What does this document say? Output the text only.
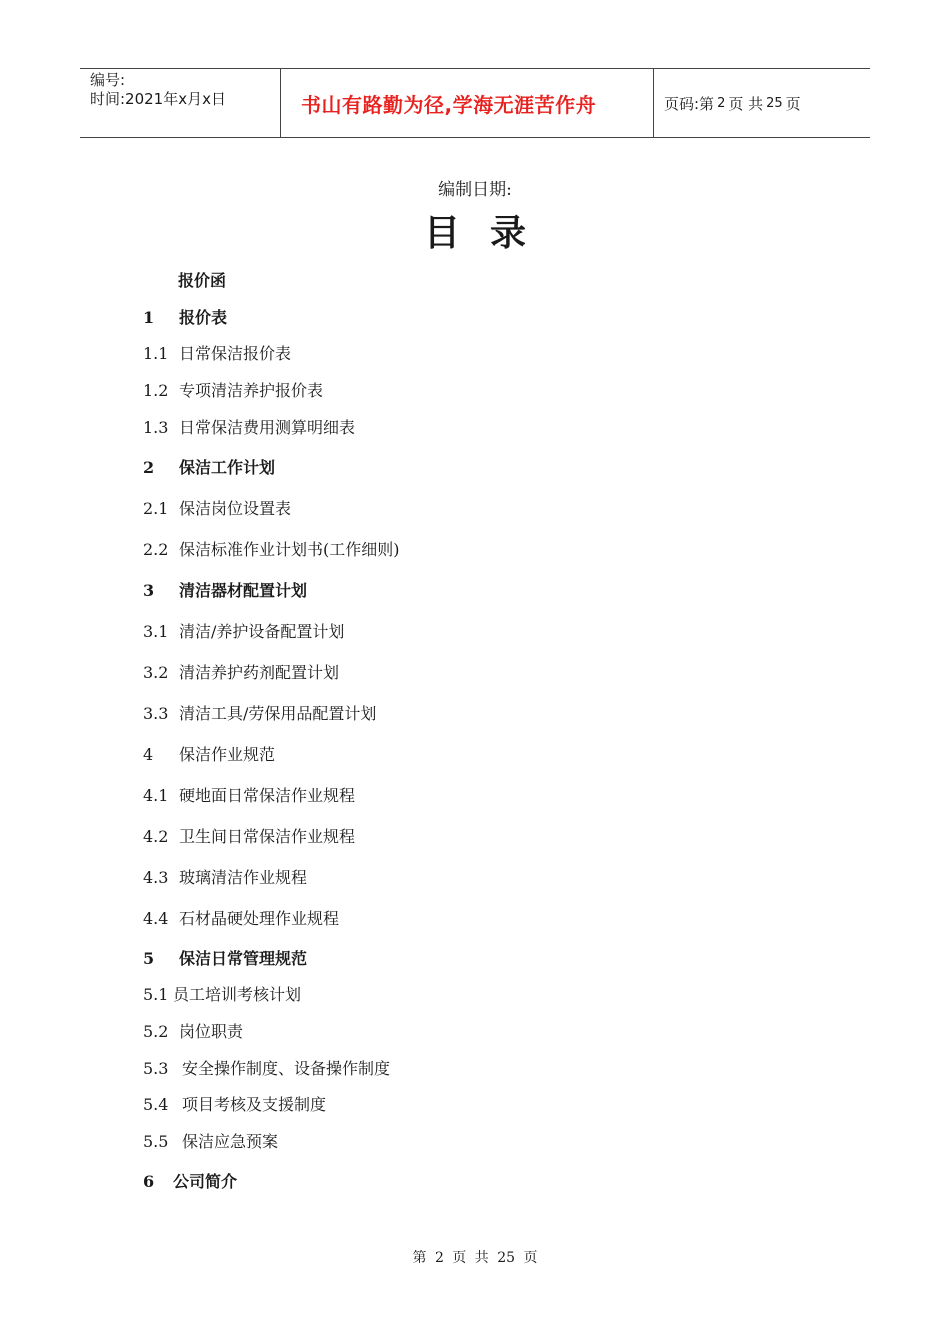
编号:
时间:2021年x月x日	书山有路勤为径,学海无涯苦作舟	页码:第 2 页 共 25 页
编制日期:
目录
报价函
1 报价表
1.1 日常保洁报价表
1.2 专项清洁养护报价表
1.3 日常保洁费用测算明细表
2 保洁工作计划
2.1 保洁岗位设置表
2.2 保洁标准作业计划书(工作细则)
3 清洁器材配置计划
3.1 清洁/养护设备配置计划
3.2 清洁养护药剂配置计划
3.3 清洁工具/劳保用品配置计划
4 保洁作业规范
4.1 硬地面日常保洁作业规程
4.2 卫生间日常保洁作业规程
4.3 玻璃清洁作业规程
4.4 石材晶硬处理作业规程
5 保洁日常管理规范
5.1 员工培训考核计划
5.2 岗位职责
5.3 安全操作制度、设备操作制度
5.4 项目考核及支援制度
5.5 保洁应急预案
6 公司简介
第 2 页 共 25 页
